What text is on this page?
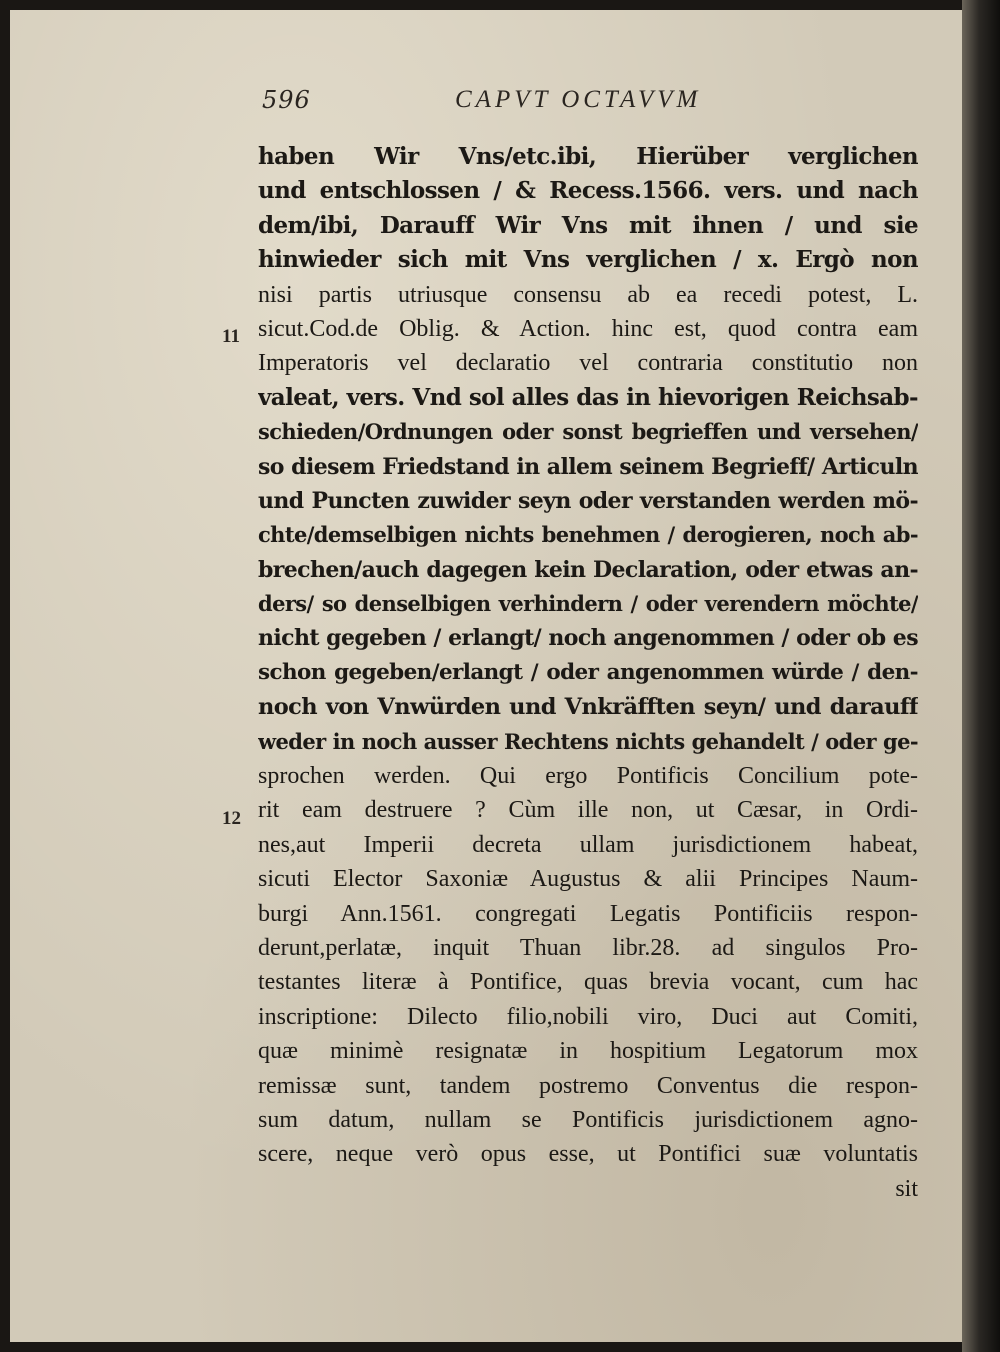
596	CAPVT OCTAVVM
11
12
haben Wir Vns/etc.ibi, Hierüber verglichen
und entschlossen / & Recess.1566. vers. und nach
dem/ibi, Darauff Wir Vns mit ihnen / und sie
hinwieder sich mit Vns verglichen / x. Ergò non
nisi partis utriusque consensu ab ea recedi potest, L.
sicut.Cod.de Oblig. & Action. hinc est, quod contra eam
Imperatoris vel declaratio vel contraria constitutio non
valeat, vers. Vnd sol alles das in hievorigen Reichsab-
schieden/Ordnungen oder sonst begrieffen und versehen/
so diesem Friedstand in allem seinem Begrieff/ Articuln
und Puncten zuwider seyn oder verstanden werden mö-
chte/demselbigen nichts benehmen / derogieren, noch ab-
brechen/auch dagegen kein Declaration, oder etwas an-
ders/ so denselbigen verhindern / oder verendern möchte/
nicht gegeben / erlangt/ noch angenommen / oder ob es
schon gegeben/erlangt / oder angenommen würde / den-
noch von Vnwürden und Vnkräfften seyn/ und darauff
weder in noch ausser Rechtens nichts gehandelt / oder ge-
sprochen werden. Qui ergo Pontificis Concilium pote-
rit eam destruere ? Cùm ille non, ut Cæsar, in Ordi-
nes,aut Imperii decreta ullam jurisdictionem habeat,
sicuti Elector Saxoniæ Augustus & alii Principes Naum-
burgi Ann.1561. congregati Legatis Pontificiis respon-
derunt,perlatæ, inquit Thuan libr.28. ad singulos Pro-
testantes literæ à Pontifice, quas brevia vocant, cum hac
inscriptione: Dilecto filio,nobili viro, Duci aut Comiti,
quæ minimè resignatæ in hospitium Legatorum mox
remissæ sunt, tandem postremo Conventus die respon-
sum datum, nullam se Pontificis jurisdictionem agno-
scere, neque verò opus esse, ut Pontifici suæ voluntatis
sit
